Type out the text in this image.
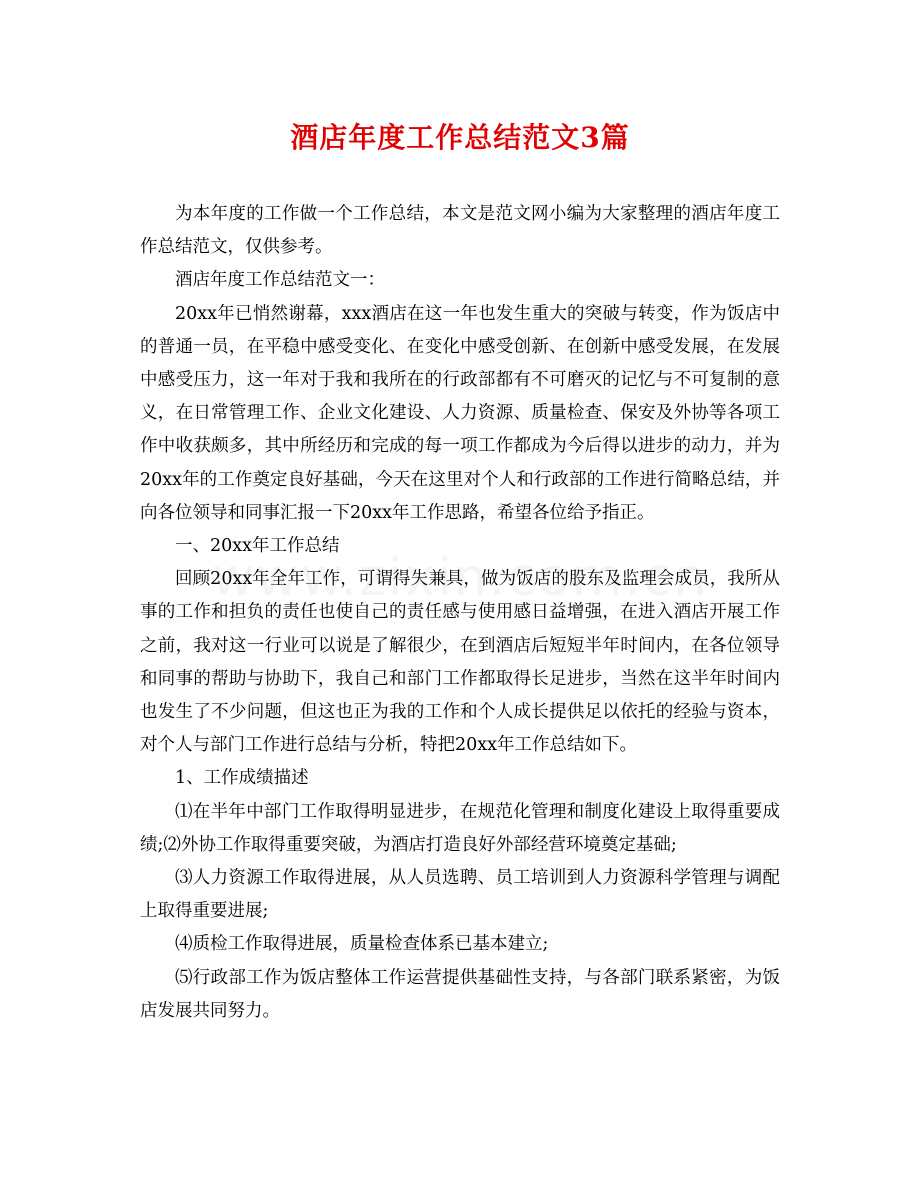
酒店年度工作总结范文3篇

为本年度的工作做一个工作总结，本文是范文网小编为大家整理的酒店年度工作总结范文，仅供参考。

酒店年度工作总结范文一：

20xx年已悄然谢幕，xxx酒店在这一年也发生重大的突破与转变，作为饭店中的普通一员，在平稳中感受变化、在变化中感受创新、在创新中感受发展，在发展中感受压力，这一年对于我和我所在的行政部都有不可磨灭的记忆与不可复制的意义，在日常管理工作、企业文化建设、人力资源、质量检查、保安及外协等各项工作中收获颇多，其中所经历和完成的每一项工作都成为今后得以进步的动力，并为20xx年的工作奠定良好基础，今天在这里对个人和行政部的工作进行简略总结，并向各位领导和同事汇报一下20xx年工作思路，希望各位给予指正。

一、20xx年工作总结

回顾20xx年全年工作，可谓得失兼具，做为饭店的股东及监理会成员，我所从事的工作和担负的责任也使自己的责任感与使用感日益增强，在进入酒店开展工作之前，我对这一行业可以说是了解很少，在到酒店后短短半年时间内，在各位领导和同事的帮助与协助下，我自己和部门工作都取得长足进步，当然在这半年时间内也发生了不少问题，但这也正为我的工作和个人成长提供足以依托的经验与资本，对个人与部门工作进行总结与分析，特把20xx年工作总结如下。

1、工作成绩描述

⑴在半年中部门工作取得明显进步，在规范化管理和制度化建设上取得重要成绩;⑵外协工作取得重要突破，为酒店打造良好外部经营环境奠定基础;

⑶人力资源工作取得进展，从人员选聘、员工培训到人力资源科学管理与调配上取得重要进展;

⑷质检工作取得进展，质量检查体系已基本建立;

⑸行政部工作为饭店整体工作运营提供基础性支持，与各部门联系紧密，为饭店发展共同努力。
